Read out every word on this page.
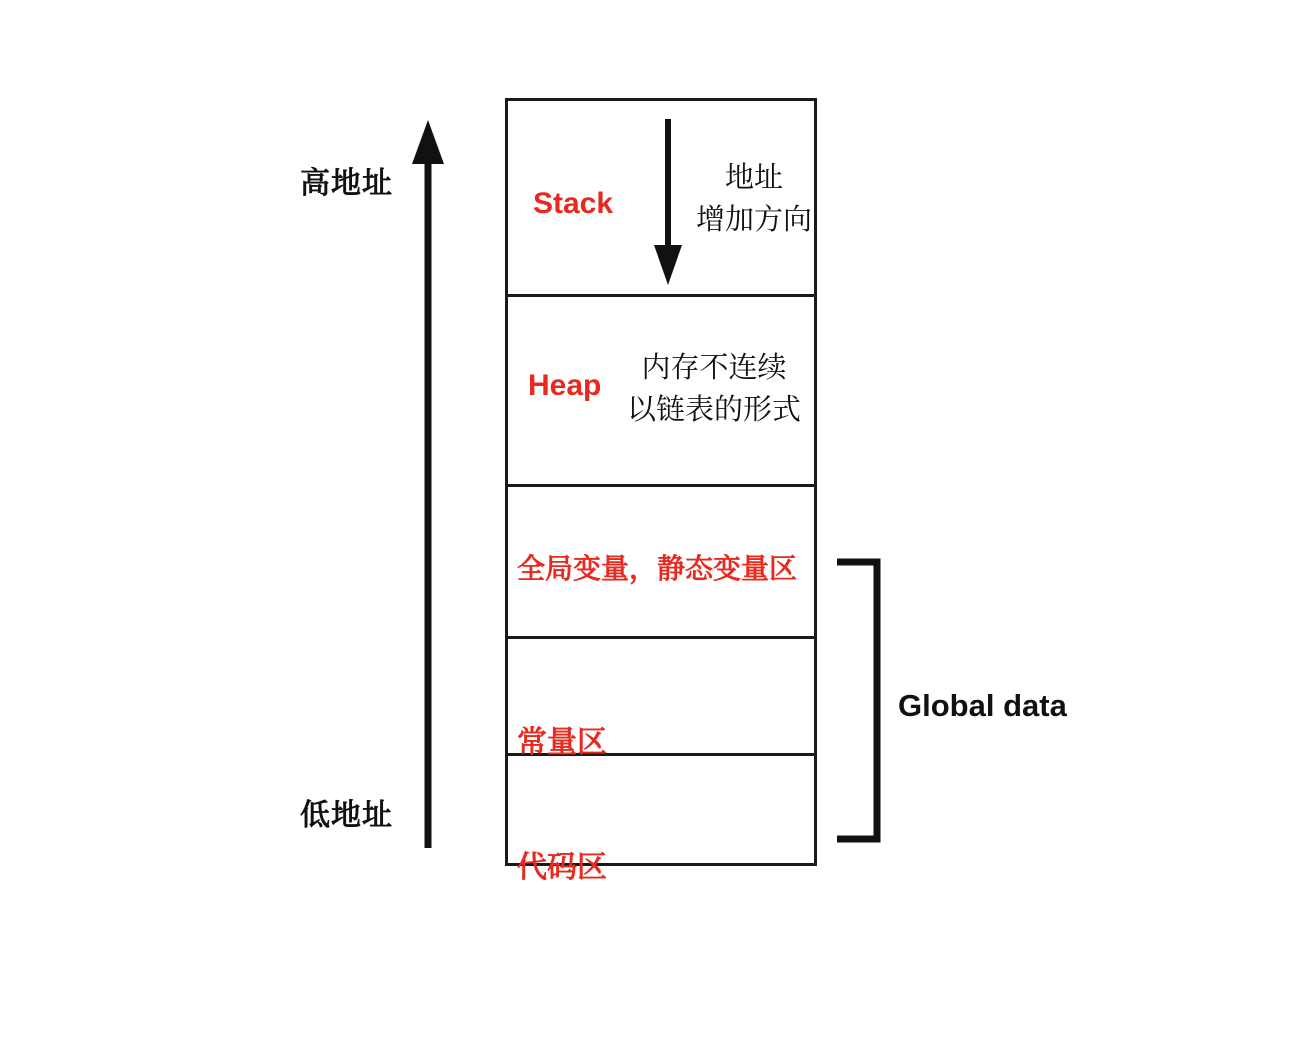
高地址
低地址
Stack
地址
增加方向
Heap
内存不连续
以链表的形式
全局变量，静态变量区
常量区
代码区
Global data
